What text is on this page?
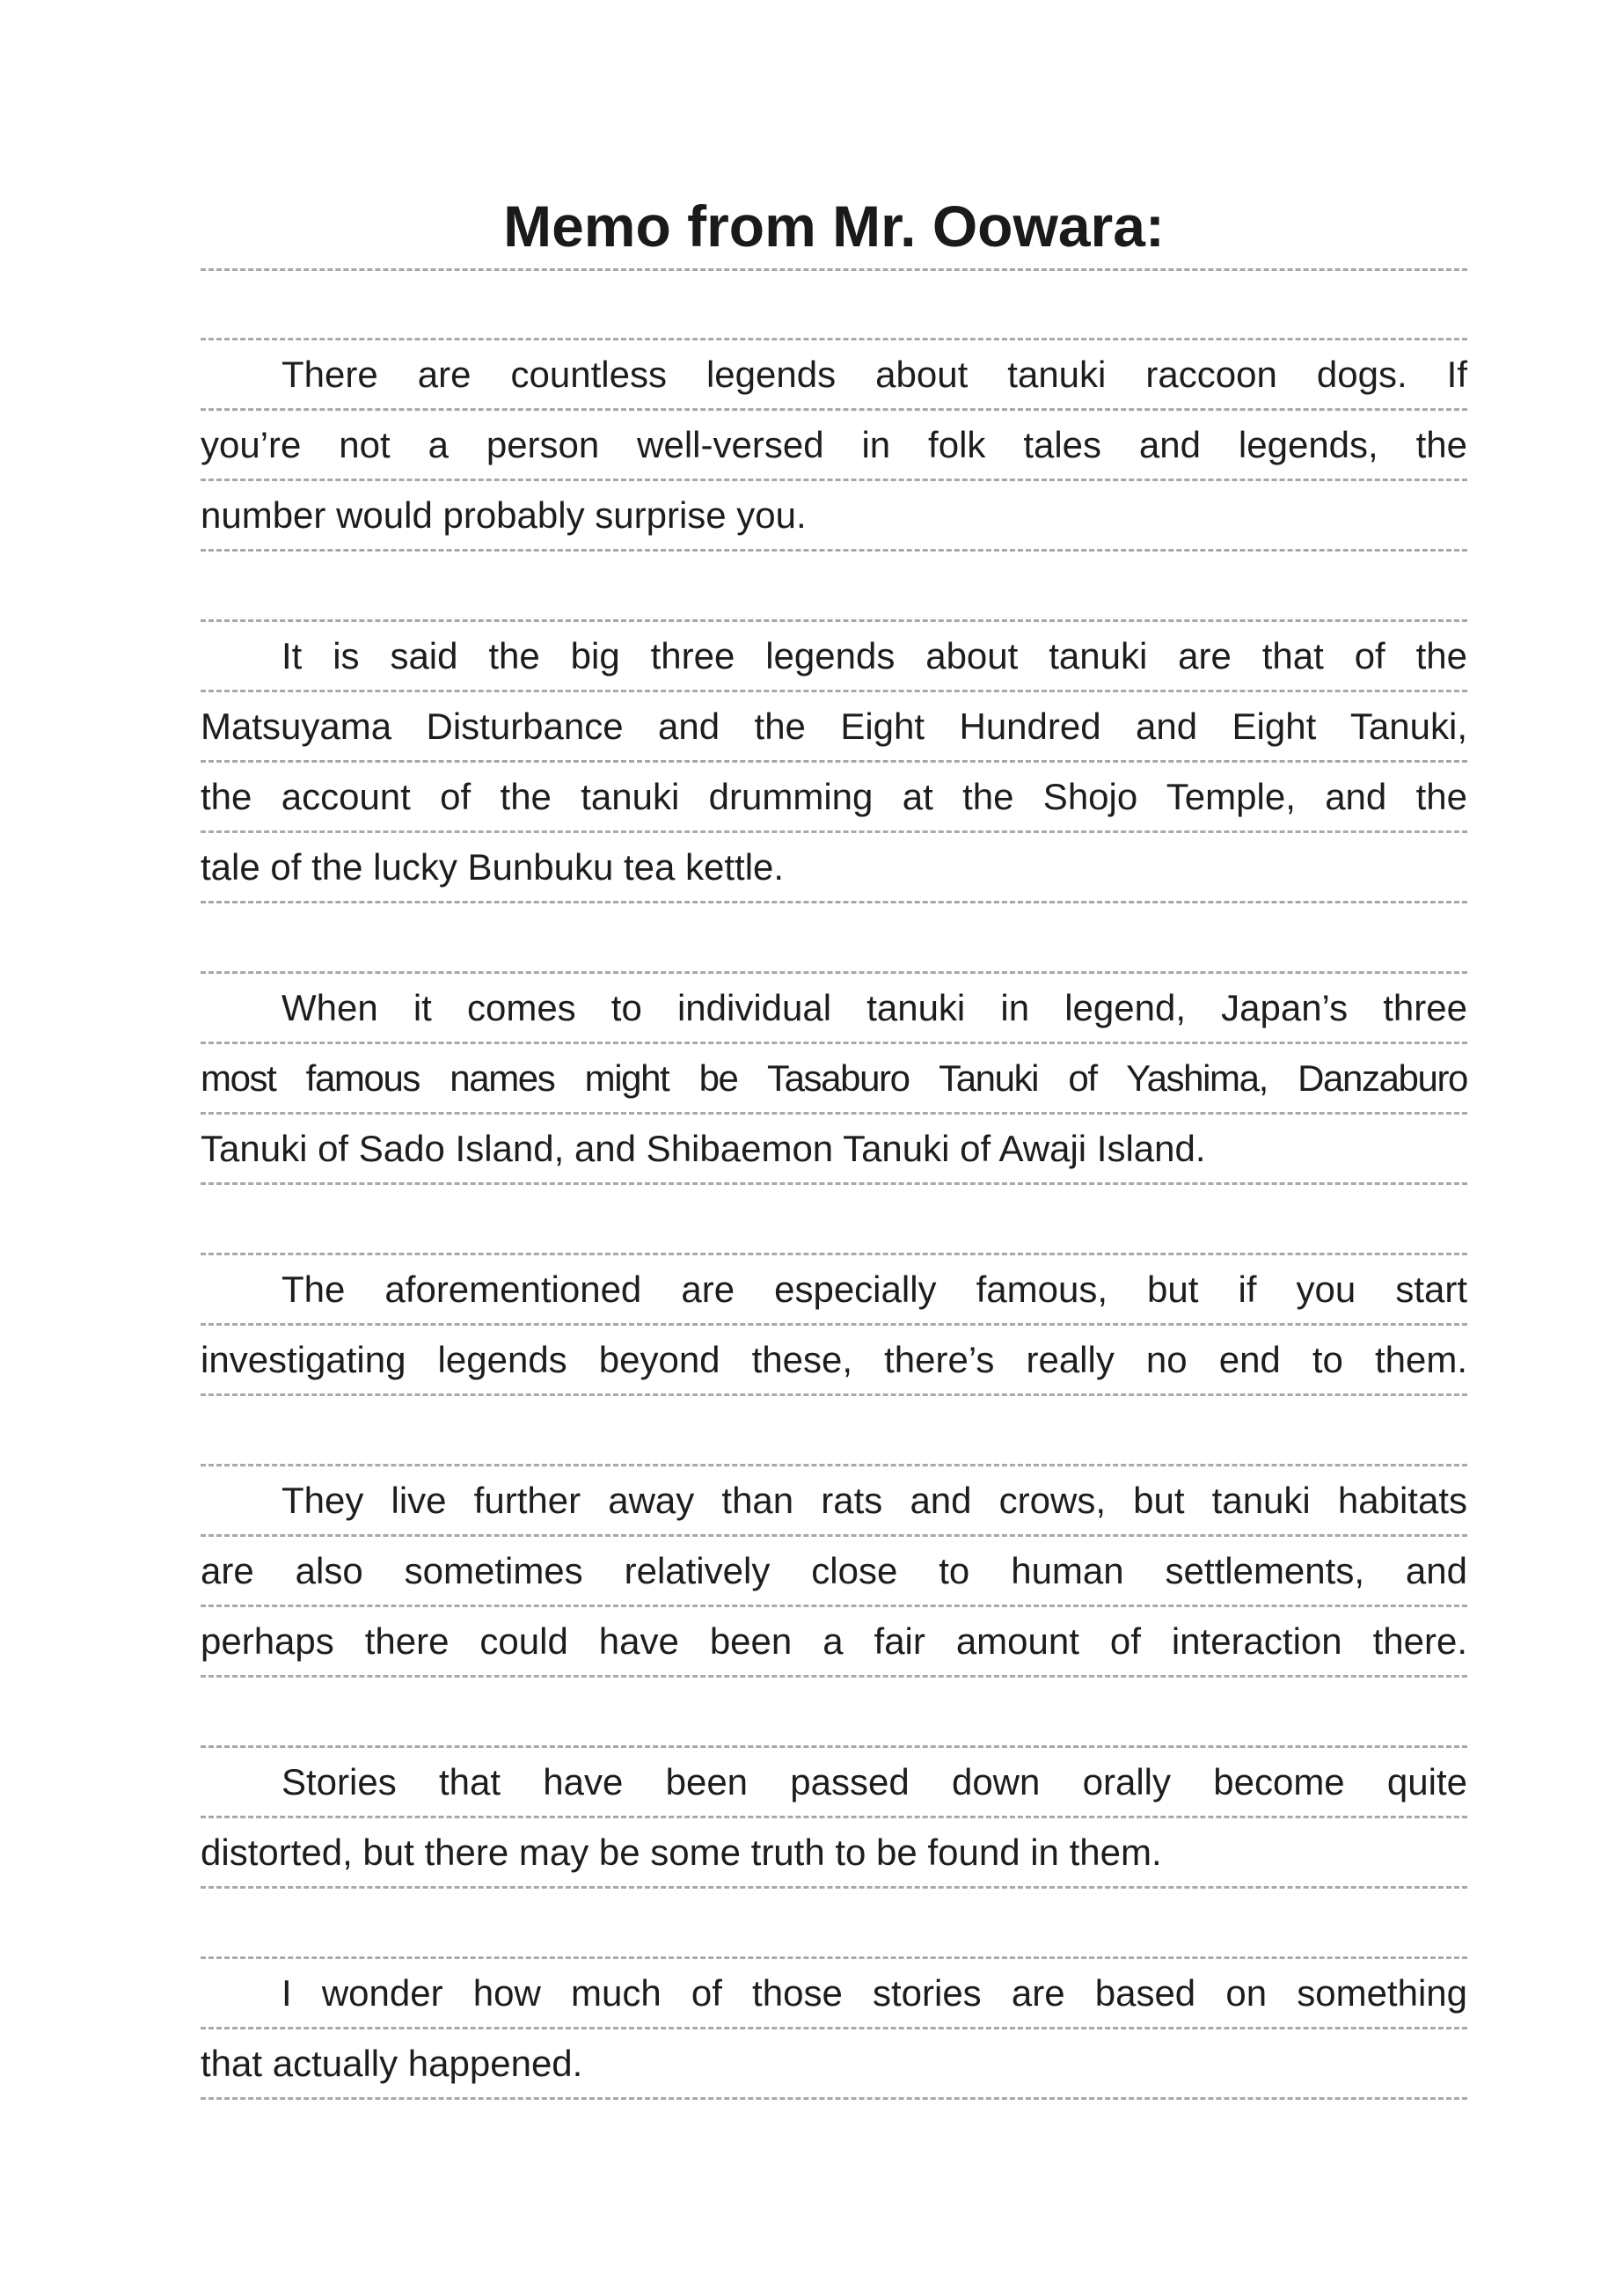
Memo from Mr. Oowara:

There are countless legends about tanuki raccoon dogs. If

you’re not a person well-versed in folk tales and legends, the

number would probably surprise you.

It is said the big three legends about tanuki are that of the

Matsuyama Disturbance and the Eight Hundred and Eight Tanuki,

the account of the tanuki drumming at the Shojo Temple, and the

tale of the lucky Bunbuku tea kettle.

When it comes to individual tanuki in legend, Japan’s three

most famous names might be Tasaburo Tanuki of Yashima, Danzaburo

Tanuki of Sado Island, and Shibaemon Tanuki of Awaji Island.

The aforementioned are especially famous, but if you start

investigating legends beyond these, there’s really no end to them.

They live further away than rats and crows, but tanuki habitats

are also sometimes relatively close to human settlements, and

perhaps there could have been a fair amount of interaction there.

Stories that have been passed down orally become quite

distorted, but there may be some truth to be found in them.

I wonder how much of those stories are based on something

that actually happened.
